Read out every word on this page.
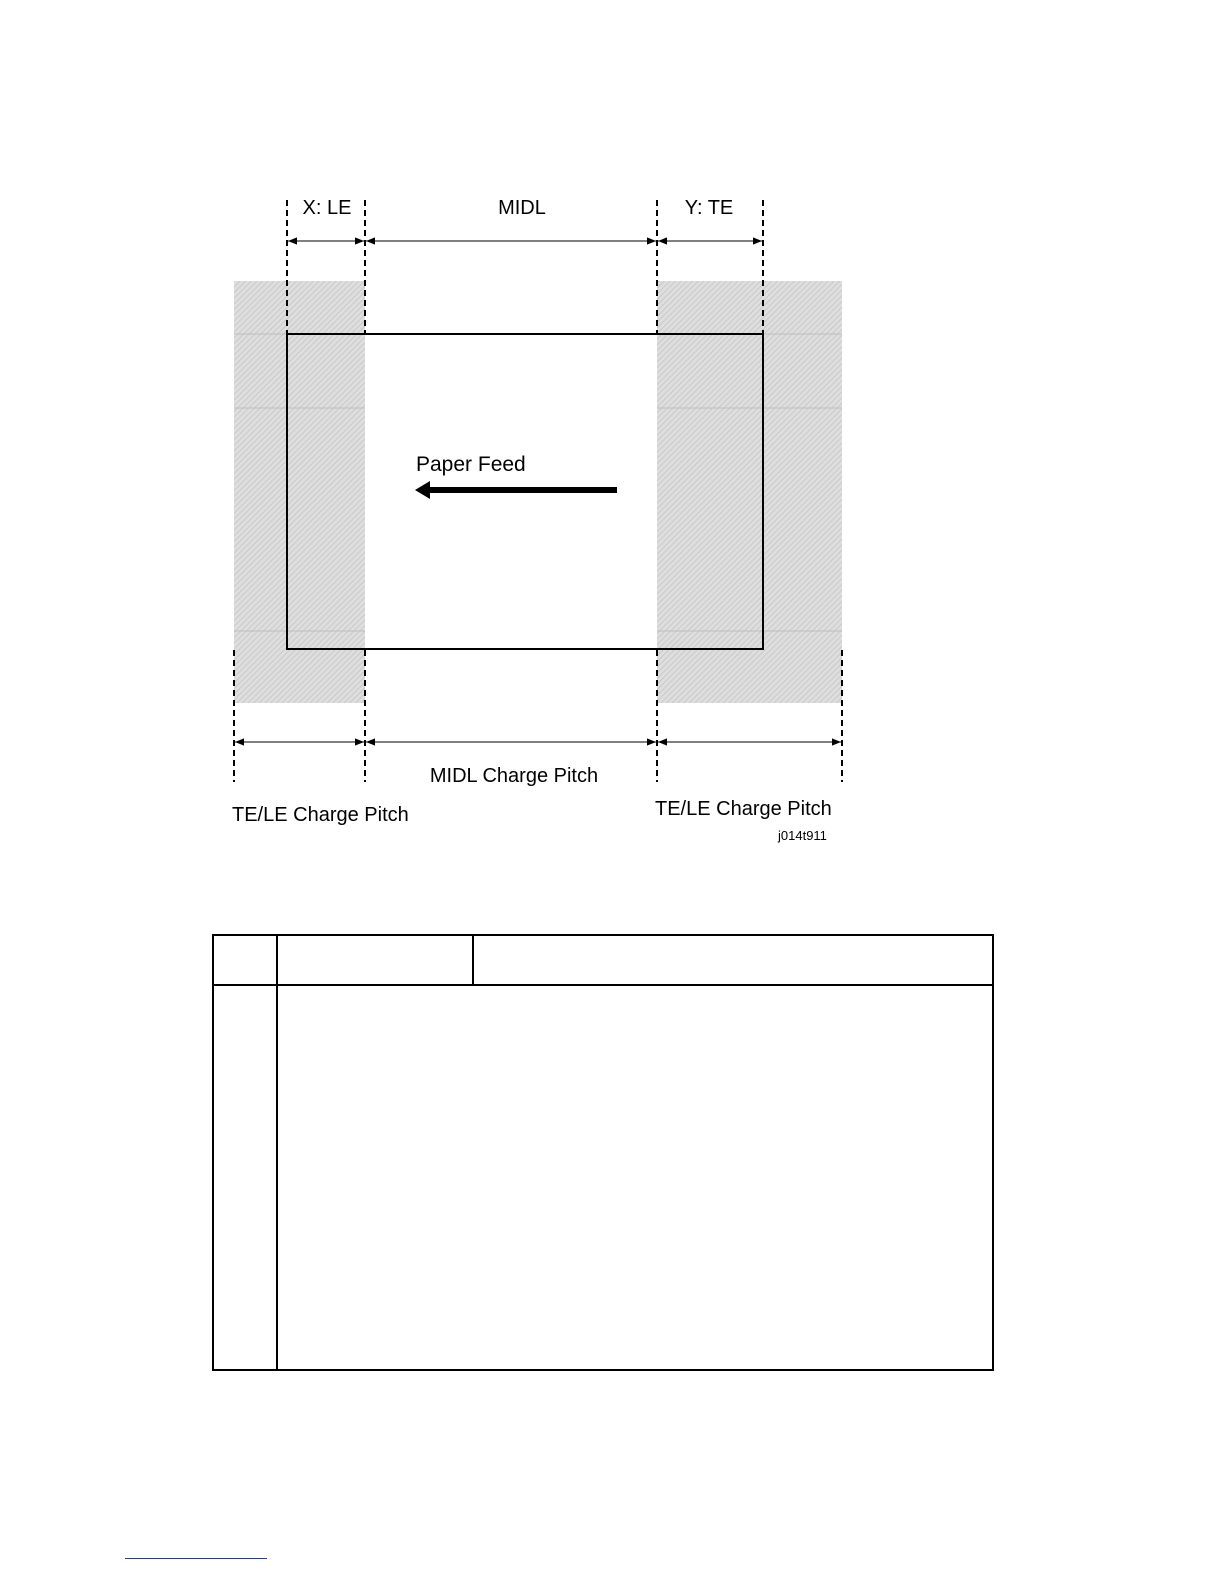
X: LE	MIDL	Y: TE
Paper Feed
MIDL Charge Pitch
TE/LE Charge Pitch	TE/LE Charge Pitch
j014t911
